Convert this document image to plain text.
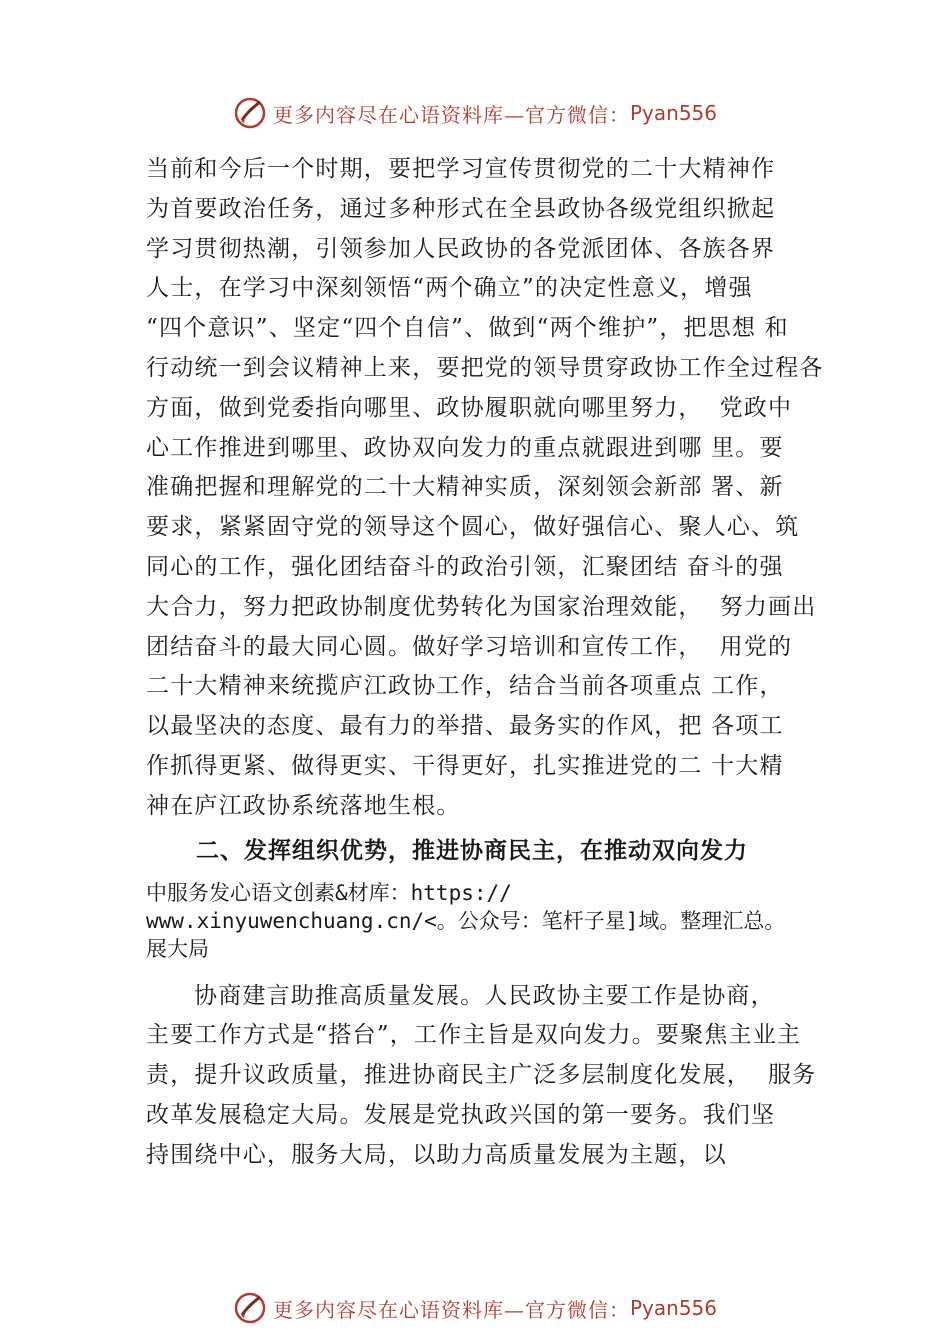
更多内容尽在心语资料库—官方微信： Pyan556
当前和今后一个时期，要把学习宣传贯彻党的二十大精神作
为首要政治任务，通过多种形式在全县政协各级党组织掀起
学习贯彻热潮，引领参加人民政协的各党派团体、各族各界
人士，在学习中深刻领悟“两个确立”的决定性意义，增强
“四个意识”、坚定“四个自信”、做到“两个维护”，把思想 和
行动统一到会议精神上来，要把党的领导贯穿政协工作全过程各
方面，做到党委指向哪里、政协履职就向哪里努力，  党政中
心工作推进到哪里、政协双向发力的重点就跟进到哪 里。要
准确把握和理解党的二十大精神实质，深刻领会新部 署、新
要求，紧紧固守党的领导这个圆心，做好强信心、聚人心、筑
同心的工作，强化团结奋斗的政治引领，汇聚团结 奋斗的强
大合力，努力把政协制度优势转化为国家治理效能，  努力画出
团结奋斗的最大同心圆。做好学习培训和宣传工作，  用党的
二十大精神来统揽庐江政协工作，结合当前各项重点 工作，
以最坚决的态度、最有力的举措、最务实的作风，把 各项工
作抓得更紧、做得更实、干得更好，扎实推进党的二 十大精
神在庐江政协系统落地生根。
二、发挥组织优势，推进协商民主，在推动双向发力
中服务发心语文创素&材库：https://
www.xinyuwenchuang.cn/<。公众号：笔杆子星]域。整理汇总。
展大局
协商建言助推高质量发展。人民政协主要工作是协商，
主要工作方式是“搭台”，工作主旨是双向发力。要聚焦主业主
责，提升议政质量，推进协商民主广泛多层制度化发展，  服务
改革发展稳定大局。发展是党执政兴国的第一要务。我们坚
持围绕中心，服务大局，以助力高质量发展为主题，以
更多内容尽在心语资料库—官方微信： Pyan556
